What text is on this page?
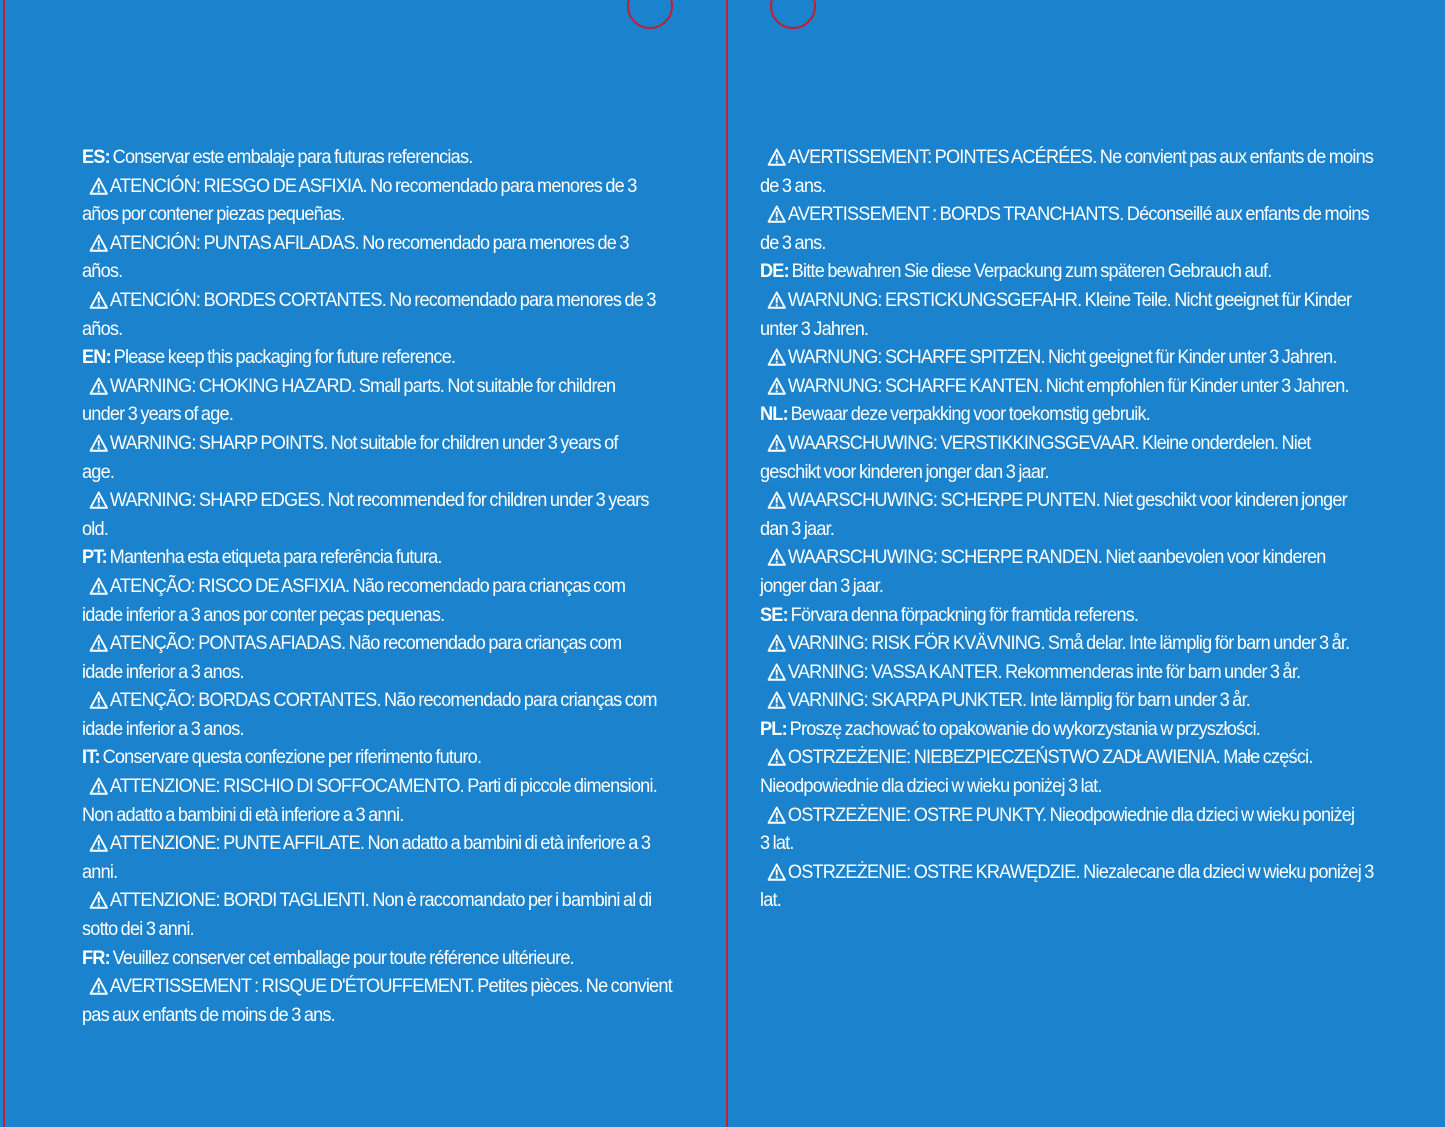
ES: Conservar este embalaje para futuras referencias.
ATENCIÓN: RIESGO DE ASFIXIA. No recomendado para menores de 3
años por contener piezas pequeñas.
ATENCIÓN: PUNTAS AFILADAS. No recomendado para menores de 3
años.
ATENCIÓN: BORDES CORTANTES. No recomendado para menores de 3
años.
EN: Please keep this packaging for future reference.
WARNING: CHOKING HAZARD. Small parts. Not suitable for children
under 3 years of age.
WARNING: SHARP POINTS. Not suitable for children under 3 years of
age.
WARNING: SHARP EDGES. Not recommended for children under 3 years
old.
PT: Mantenha esta etiqueta para referência futura.
ATENÇÃO: RISCO DE ASFIXIA. Não recomendado para crianças com
idade inferior a 3 anos por conter peças pequenas.
ATENÇÃO: PONTAS AFIADAS. Não recomendado para crianças com
idade inferior a 3 anos.
ATENÇÃO: BORDAS CORTANTES. Não recomendado para crianças com
idade inferior a 3 anos.
IT: Conservare questa confezione per riferimento futuro.
ATTENZIONE: RISCHIO DI SOFFOCAMENTO. Parti di piccole dimensioni.
Non adatto a bambini di età inferiore a 3 anni.
ATTENZIONE: PUNTE AFFILATE. Non adatto a bambini di età inferiore a 3
anni.
ATTENZIONE: BORDI TAGLIENTI. Non è raccomandato per i bambini al di
sotto dei 3 anni.
FR: Veuillez conserver cet emballage pour toute référence ultérieure.
AVERTISSEMENT : RISQUE D'ÉTOUFFEMENT. Petites pièces. Ne convient
pas aux enfants de moins de 3 ans.
AVERTISSEMENT: POINTES ACÉRÉES. Ne convient pas aux enfants de moins
de 3 ans.
AVERTISSEMENT : BORDS TRANCHANTS. Déconseillé aux enfants de moins
de 3 ans.
DE: Bitte bewahren Sie diese Verpackung zum späteren Gebrauch auf.
WARNUNG: ERSTICKUNGSGEFAHR. Kleine Teile. Nicht geeignet für Kinder
unter 3 Jahren.
WARNUNG: SCHARFE SPITZEN. Nicht geeignet für Kinder unter 3 Jahren.
WARNUNG: SCHARFE KANTEN. Nicht empfohlen für Kinder unter 3 Jahren.
NL: Bewaar deze verpakking voor toekomstig gebruik.
WAARSCHUWING: VERSTIKKINGSGEVAAR. Kleine onderdelen. Niet
geschikt voor kinderen jonger dan 3 jaar.
WAARSCHUWING: SCHERPE PUNTEN. Niet geschikt voor kinderen jonger
dan 3 jaar.
WAARSCHUWING: SCHERPE RANDEN. Niet aanbevolen voor kinderen
jonger dan 3 jaar.
SE: Förvara denna förpackning för framtida referens.
VARNING: RISK FÖR KVÄVNING. Små delar. Inte lämplig för barn under 3 år.
VARNING: VASSA KANTER. Rekommenderas inte för barn under 3 år.
VARNING: SKARPA PUNKTER. Inte lämplig för barn under 3 år.
PL: Proszę zachować to opakowanie do wykorzystania w przyszłości.
OSTRZEŻENIE: NIEBEZPIECZEŃSTWO ZADŁAWIENIA. Małe części.
Nieodpowiednie dla dzieci w wieku poniżej 3 lat.
OSTRZEŻENIE: OSTRE PUNKTY. Nieodpowiednie dla dzieci w wieku poniżej
3 lat.
OSTRZEŻENIE: OSTRE KRAWĘDZIE. Niezalecane dla dzieci w wieku poniżej 3
lat.
